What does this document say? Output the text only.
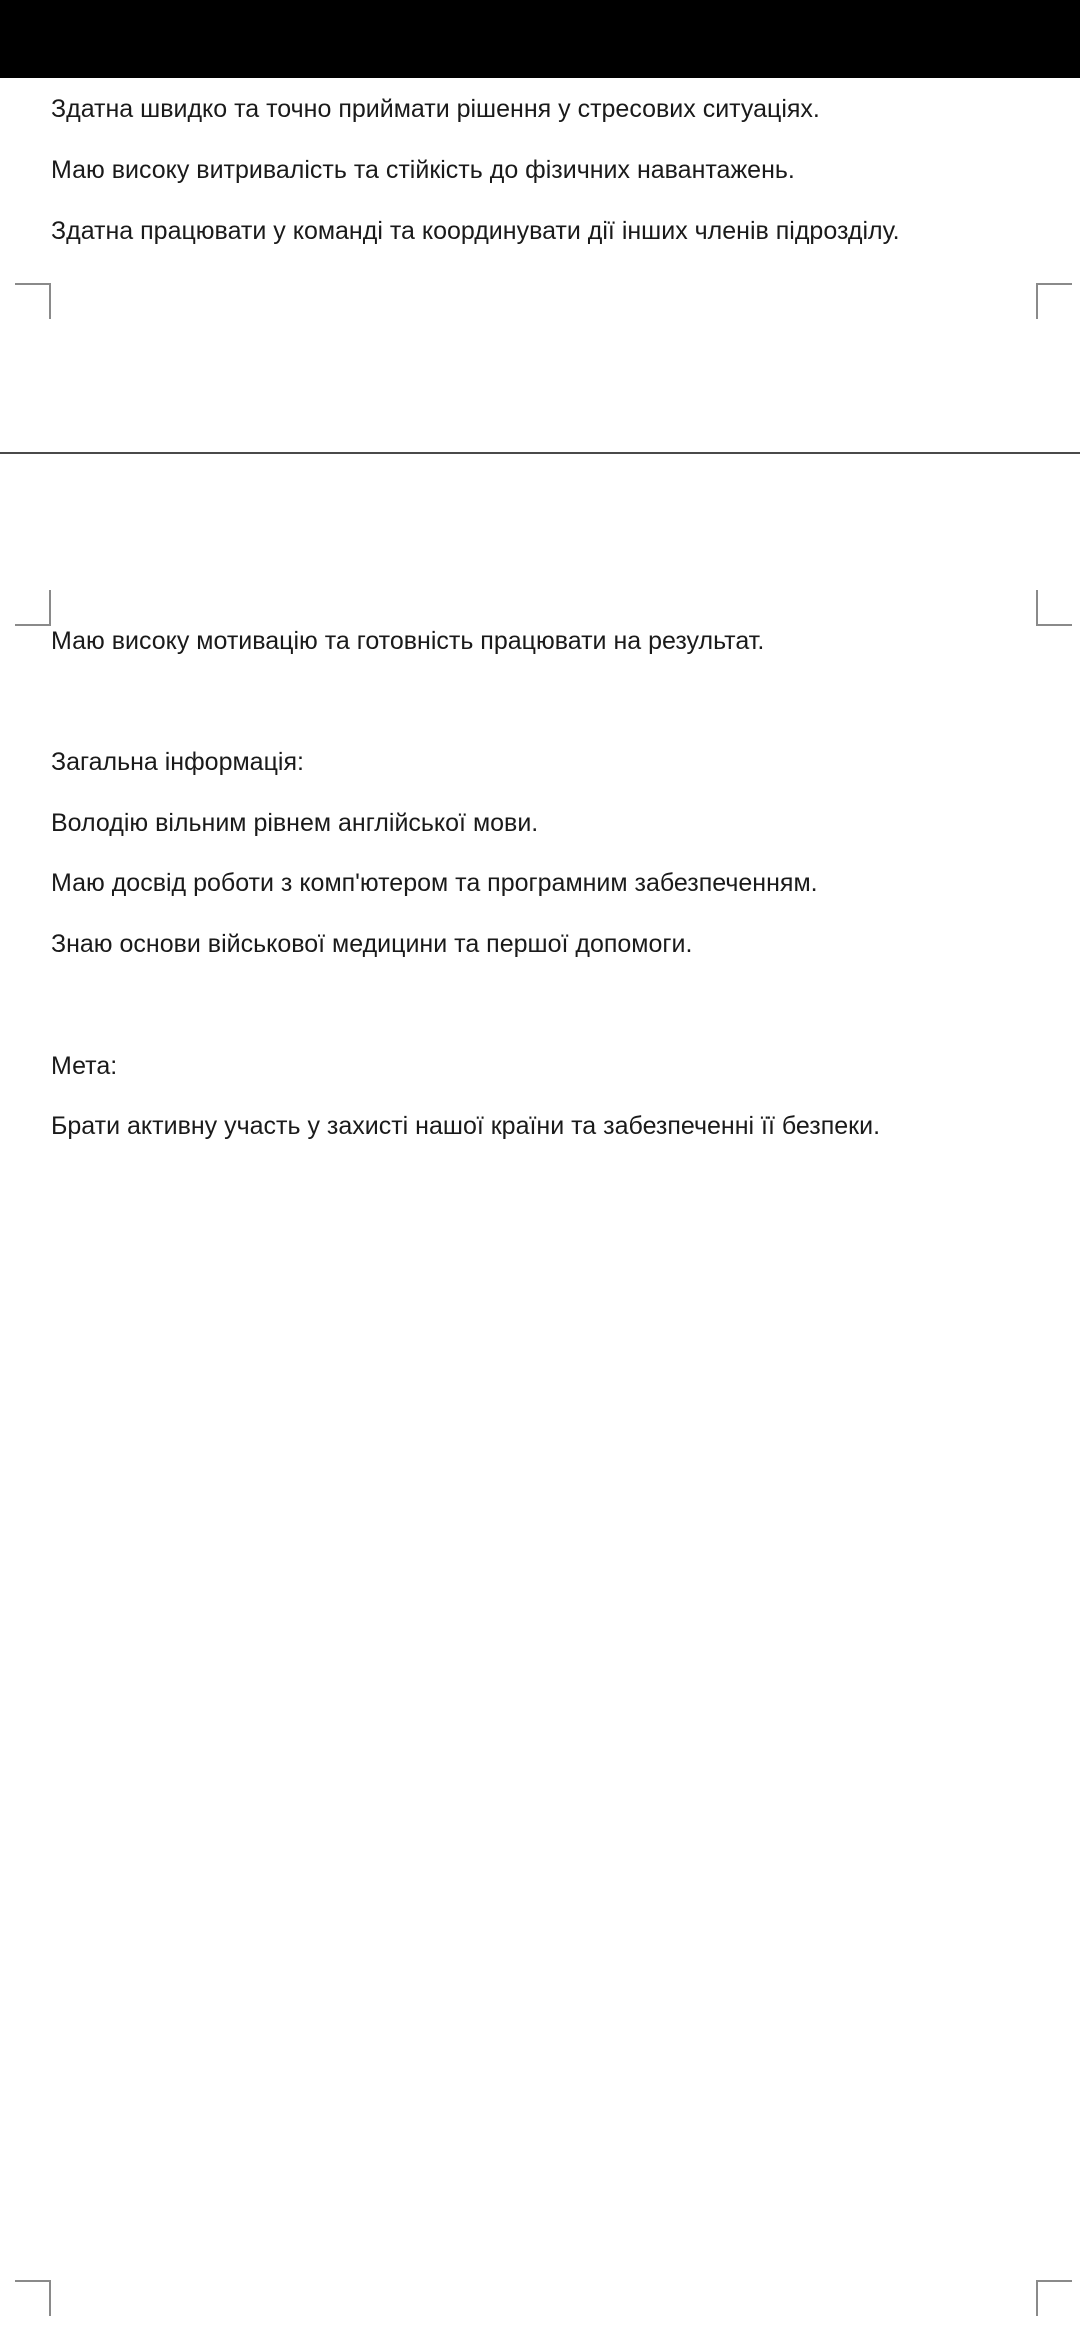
Здатна швидко та точно приймати рішення у стресових ситуаціях.

Маю високу витривалість та стійкість до фізичних навантажень.

Здатна працювати у команді та координувати дії інших членів підрозділу.

Маю високу мотивацію та готовність працювати на результат.

Загальна інформація:

Володію вільним рівнем англійської мови.

Маю досвід роботи з комп'ютером та програмним забезпеченням.

Знаю основи військової медицини та першої допомоги.

Мета:

Брати активну участь у захисті нашої країни та забезпеченні її безпеки.
